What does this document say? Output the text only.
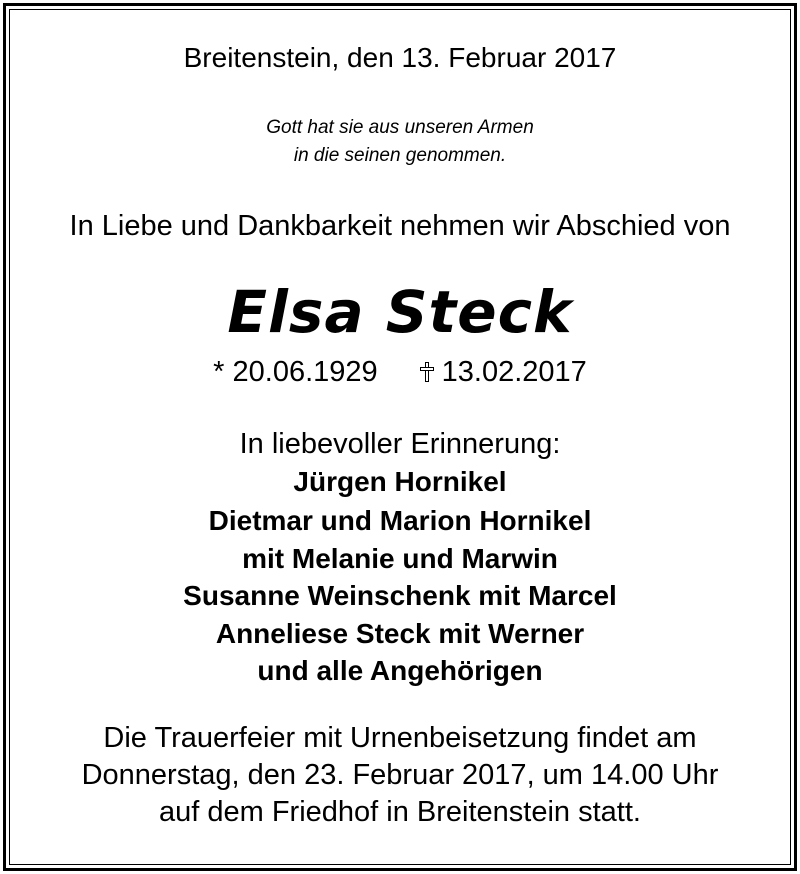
Breitenstein, den 13. Februar 2017
Gott hat sie aus unseren Armen
in die seinen genommen.
In Liebe und Dankbarkeit nehmen wir Abschied von
Elsa Steck
* 20.06.1929 13.02.2017
In liebevoller Erinnerung:
Jürgen Hornikel
Dietmar und Marion Hornikel
mit Melanie und Marwin
Susanne Weinschenk mit Marcel
Anneliese Steck mit Werner
und alle Angehörigen
Die Trauerfeier mit Urnenbeisetzung findet am
Donnerstag, den 23. Februar 2017, um 14.00 Uhr
auf dem Friedhof in Breitenstein statt.
